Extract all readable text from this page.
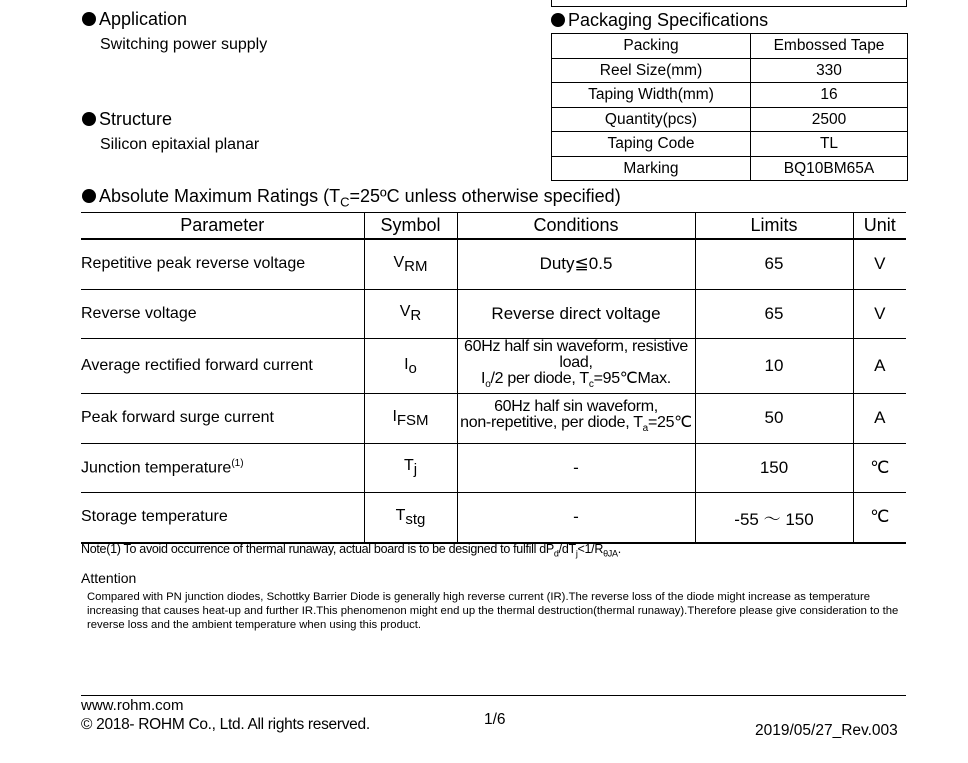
Application
Switching power supply
Structure
Silicon epitaxial planar
Packaging Specifications
Packing	Embossed Tape
Reel Size(mm)	330
Taping Width(mm)	16
Quantity(pcs)	2500
Taping Code	TL
Marking	BQ10BM65A
Absolute Maximum Ratings ($T_C=25ºC$ unless otherwise specified)
Parameter	Symbol	Conditions	Limits	Unit
Repetitive peak reverse voltage	$V_{RM}$	Duty≦0.5	65	V
Reverse voltage	$V_R$	Reverse direct voltage	65	V
Average rectified forward current	$I_o$	60Hz half sin waveform, resistive load,
$I_o/2$ per diode, $T_c=95℃Max$.	10	A
Peak forward surge current	$I_{FSM}$	60Hz half sin waveform,
non-repetitive, per diode, $T_a=25℃$	50	A
Junction temperature$^{(1)}$	$T_j$	-	150	℃
Storage temperature	$T_{stg}$	-	-55 ～ 150	℃
Note(1) To avoid occurrence of thermal runaway, actual board is to be designed to fulfill $dP_d/dT_j<1/R_{\theta JA}$.
Attention
Compared with PN junction diodes, Schottky Barrier Diode is generally high reverse current (IR).The reverse loss of the diode might increase as temperature increasing that causes heat-up and further IR.This phenomenon might end up the thermal destruction(thermal runaway).Therefore please give consideration to the reverse loss and the ambient temperature when using this product.
www.rohm.com
© 2018- ROHM Co., Ltd. All rights reserved.	1/6
2019/05/27_Rev.003
